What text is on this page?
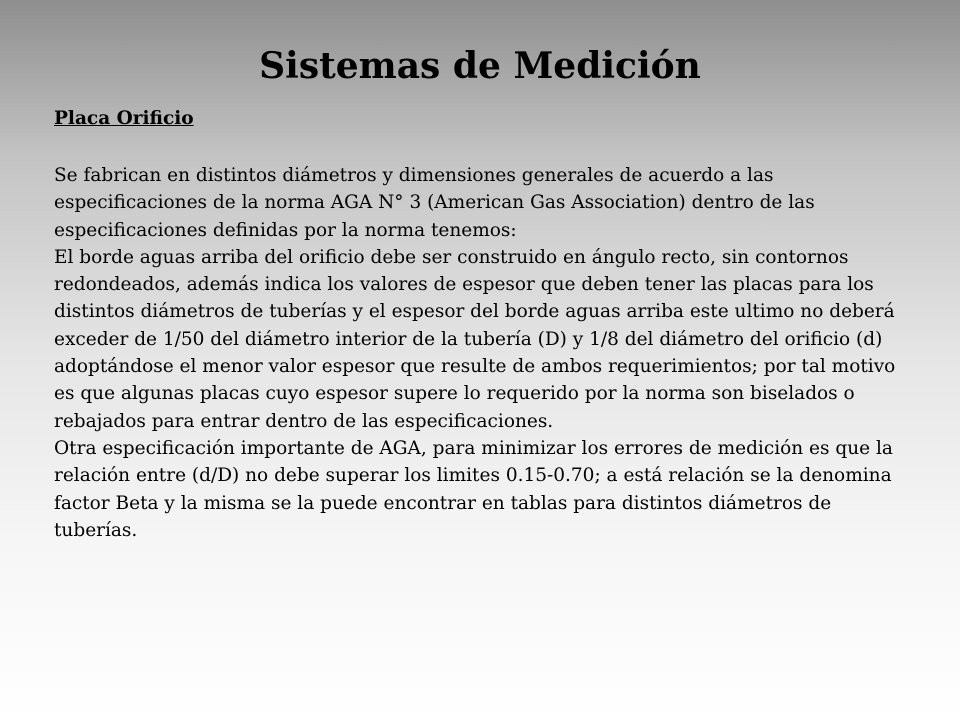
Sistemas de Medición

Placa Orificio

Se fabrican en distintos diámetros y dimensiones generales de acuerdo a las especificaciones de la norma AGA N° 3 (American Gas Association) dentro de las especificaciones definidas por la norma tenemos:

El borde aguas arriba del orificio debe ser construido en ángulo recto, sin contornos redondeados, además indica los valores de espesor que deben tener las placas para los distintos diámetros de tuberías y el espesor del borde aguas arriba este ultimo no deberá exceder de 1/50 del diámetro interior de la tubería (D) y 1/8 del diámetro del orificio (d) adoptándose el menor valor espesor que resulte de ambos requerimientos; por tal motivo es que algunas placas cuyo espesor supere lo requerido por la norma son biselados o rebajados para entrar dentro de las especificaciones.

Otra especificación importante de AGA, para minimizar los errores de medición es que la relación entre (d/D) no debe superar los limites 0.15-0.70; a está relación se la denomina factor Beta y la misma se la puede encontrar en tablas para distintos diámetros de tuberías.
